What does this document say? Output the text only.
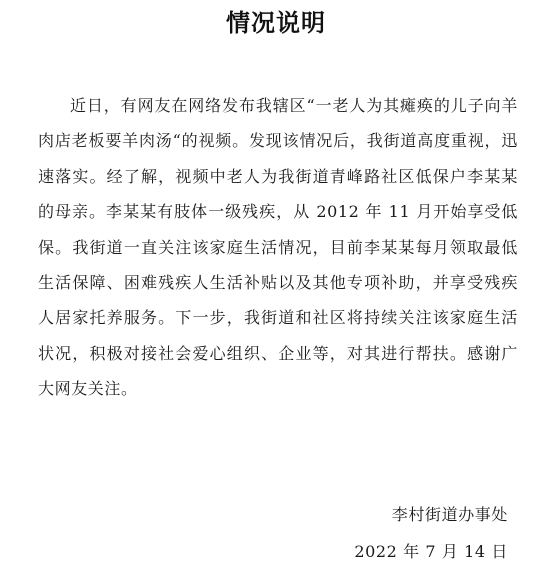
情况说明

近日，有网友在网络发布我辖区“一老人为其瘫痪的儿子向羊肉店老板要羊肉汤“的视频。发现该情况后，我街道高度重视，迅速落实。经了解，视频中老人为我街道青峰路社区低保户李某某的母亲。李某某有肢体一级残疾，从 2012 年 11 月开始享受低保。我街道一直关注该家庭生活情况，目前李某某每月领取最低生活保障、困难残疾人生活补贴以及其他专项补助，并享受残疾人居家托养服务。下一步，我街道和社区将持续关注该家庭生活状况，积极对接社会爱心组织、企业等，对其进行帮扶。感谢广大网友关注。

李村街道办事处
2022 年 7 月 14 日
